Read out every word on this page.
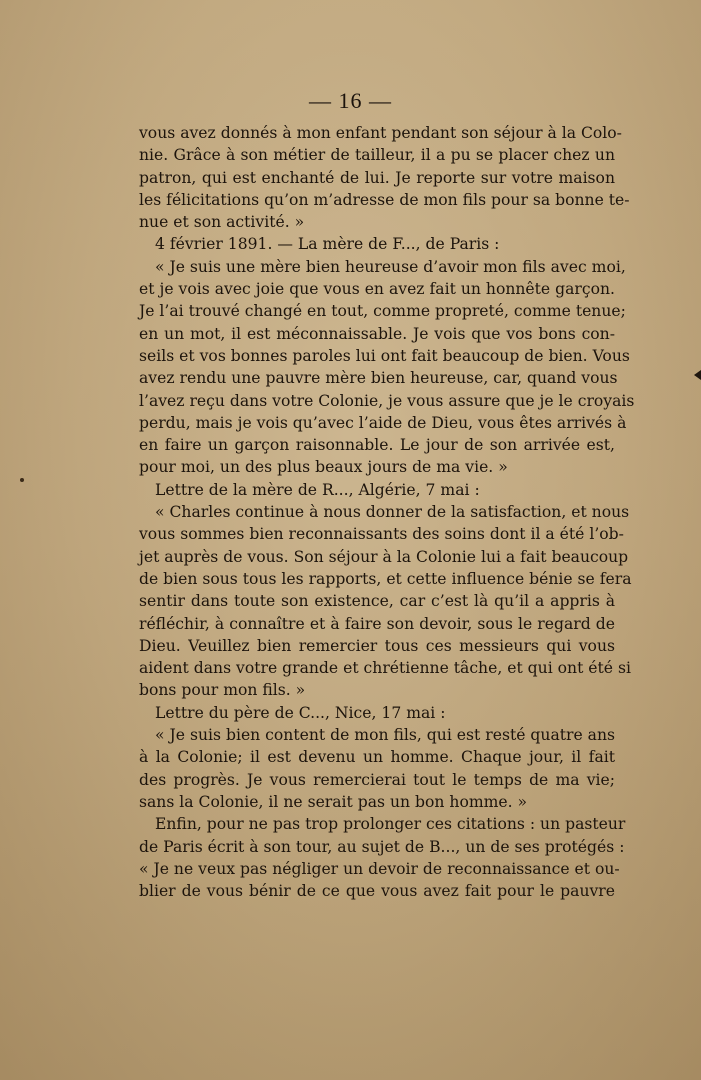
— 16 —
vous avez donnés à mon enfant pendant son séjour à la Colo-
nie. Grâce à son métier de tailleur, il a pu se placer chez un
patron, qui est enchanté de lui. Je reporte sur votre maison
les félicitations qu’on m’adresse de mon fils pour sa bonne te-
nue et son activité. »
4 février 1891. — La mère de F..., de Paris :
« Je suis une mère bien heureuse d’avoir mon fils avec moi,
et je vois avec joie que vous en avez fait un honnête garçon.
Je l’ai trouvé changé en tout, comme propreté, comme tenue;
en un mot, il est méconnaissable. Je vois que vos bons con-
seils et vos bonnes paroles lui ont fait beaucoup de bien. Vous
avez rendu une pauvre mère bien heureuse, car, quand vous
l’avez reçu dans votre Colonie, je vous assure que je le croyais
perdu, mais je vois qu’avec l’aide de Dieu, vous êtes arrivés à
en faire un garçon raisonnable. Le jour de son arrivée est,
pour moi, un des plus beaux jours de ma vie. »
Lettre de la mère de R..., Algérie, 7 mai :
« Charles continue à nous donner de la satisfaction, et nous
vous sommes bien reconnaissants des soins dont il a été l’ob-
jet auprès de vous. Son séjour à la Colonie lui a fait beaucoup
de bien sous tous les rapports, et cette influence bénie se fera
sentir dans toute son existence, car c’est là qu’il a appris à
réfléchir, à connaître et à faire son devoir, sous le regard de
Dieu. Veuillez bien remercier tous ces messieurs qui vous
aident dans votre grande et chrétienne tâche, et qui ont été si
bons pour mon fils. »
Lettre du père de C..., Nice, 17 mai :
« Je suis bien content de mon fils, qui est resté quatre ans
à la Colonie; il est devenu un homme. Chaque jour, il fait
des progrès. Je vous remercierai tout le temps de ma vie;
sans la Colonie, il ne serait pas un bon homme. »
Enfin, pour ne pas trop prolonger ces citations : un pasteur
de Paris écrit à son tour, au sujet de B..., un de ses protégés :
« Je ne veux pas négliger un devoir de reconnaissance et ou-
blier de vous bénir de ce que vous avez fait pour le pauvre
